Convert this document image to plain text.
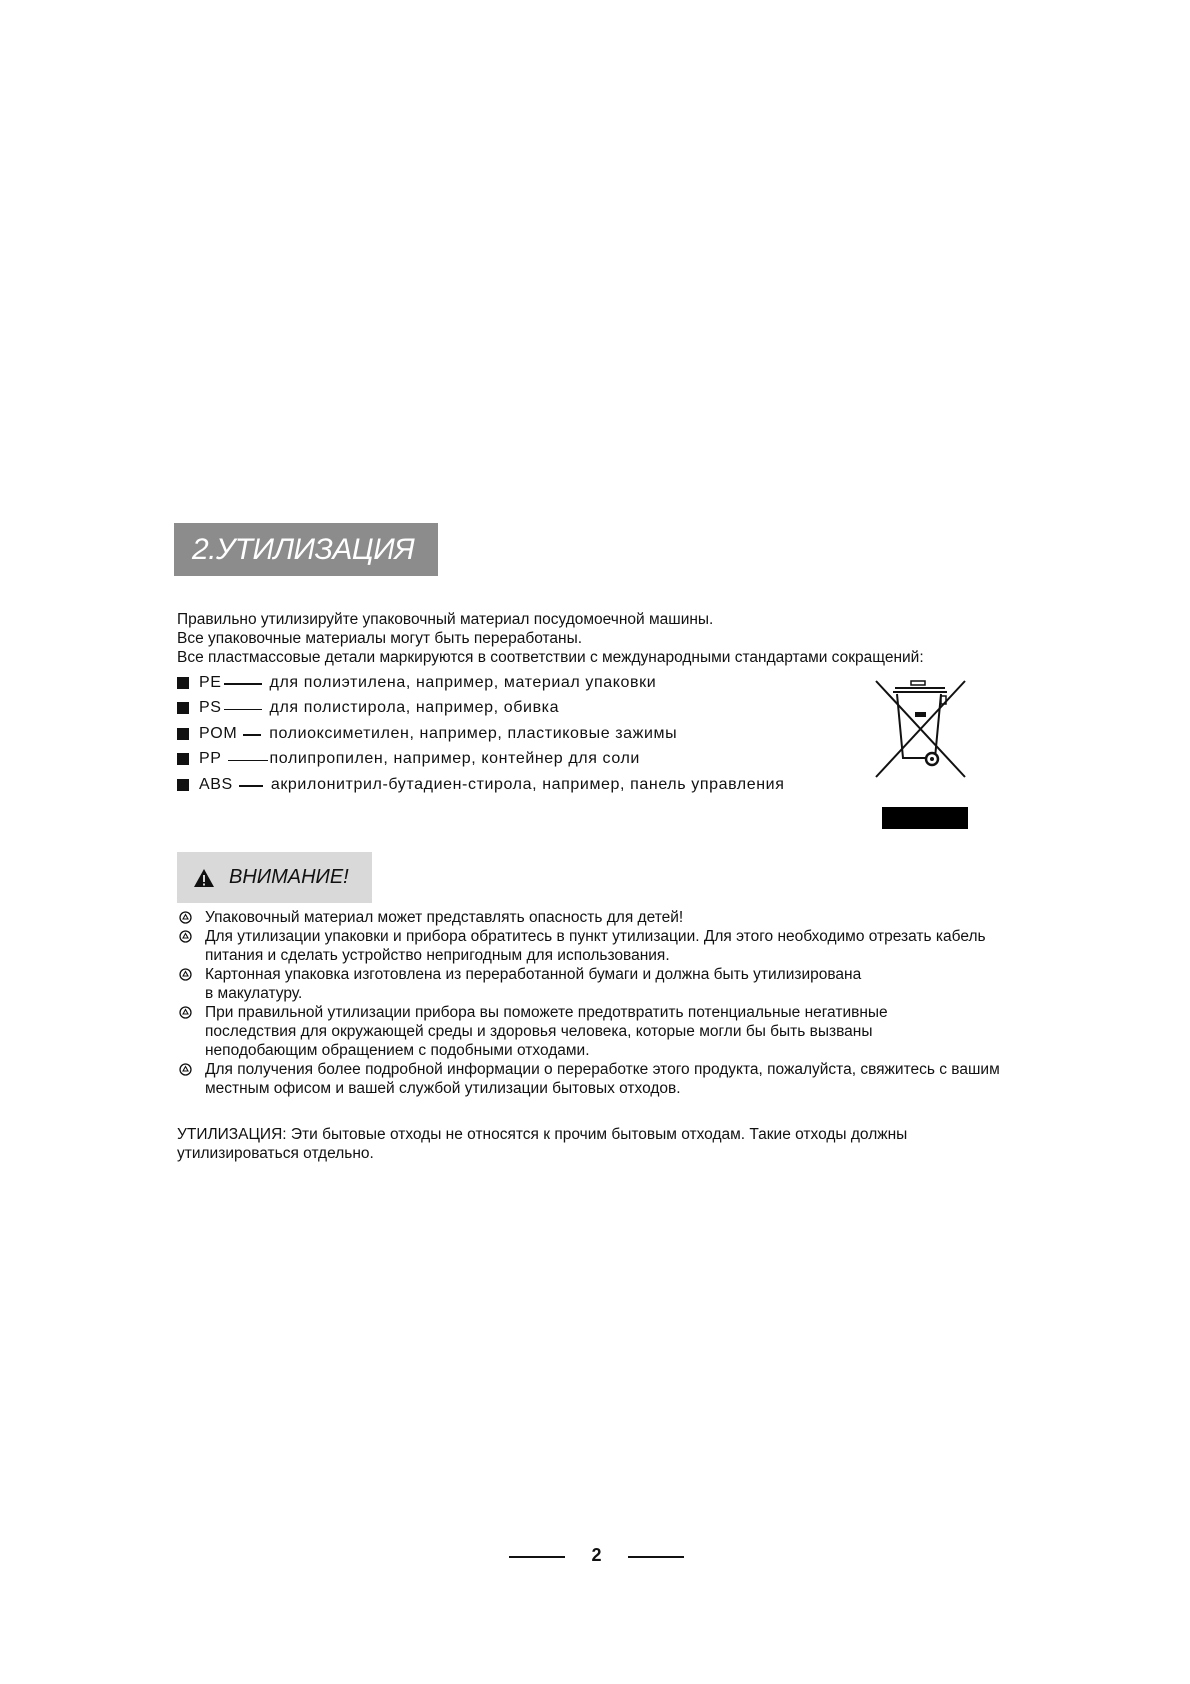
2.УТИЛИЗАЦИЯ

Правильно утилизируйте упаковочный материал посудомоечной машины.

Все упаковочные материалы могут быть переработаны.

Все пластмассовые детали маркируются в соответствии с международными стандартами сокращений:

PE	для полиэтилена, например, материал упаковки
PS	для полистирола, например, обивка
POM полиоксиметилен, например, пластиковые зажимы
PP	полипропилен, например, контейнер для соли
ABS акрилонитрил-бутадиен-стирола, например, панель управления
ВНИМАНИЕ!
Упаковочный материал может представлять опасность для детей!
Для утилизации упаковки и прибора обратитесь в пункт утилизации. Для этого необходимо отрезать кабель
питания и сделать устройство непригодным для использования.
Картонная упаковка изготовлена из переработанной бумаги и должна быть утилизирована
в макулатуру.
При правильной утилизации прибора вы поможете предотвратить потенциальные негативные
последствия для окружающей среды и здоровья человека, которые могли бы быть вызваны
неподобающим обращением с подобными отходами.
Для получения более подробной информации о переработке этого продукта, пожалуйста, свяжитесь с вашим
местным офисом и вашей службой утилизации бытовых отходов.

УТИЛИЗАЦИЯ: Эти бытовые отходы не относятся к прочим бытовым отходам. Такие отходы должны

утилизироваться отдельно.

2
